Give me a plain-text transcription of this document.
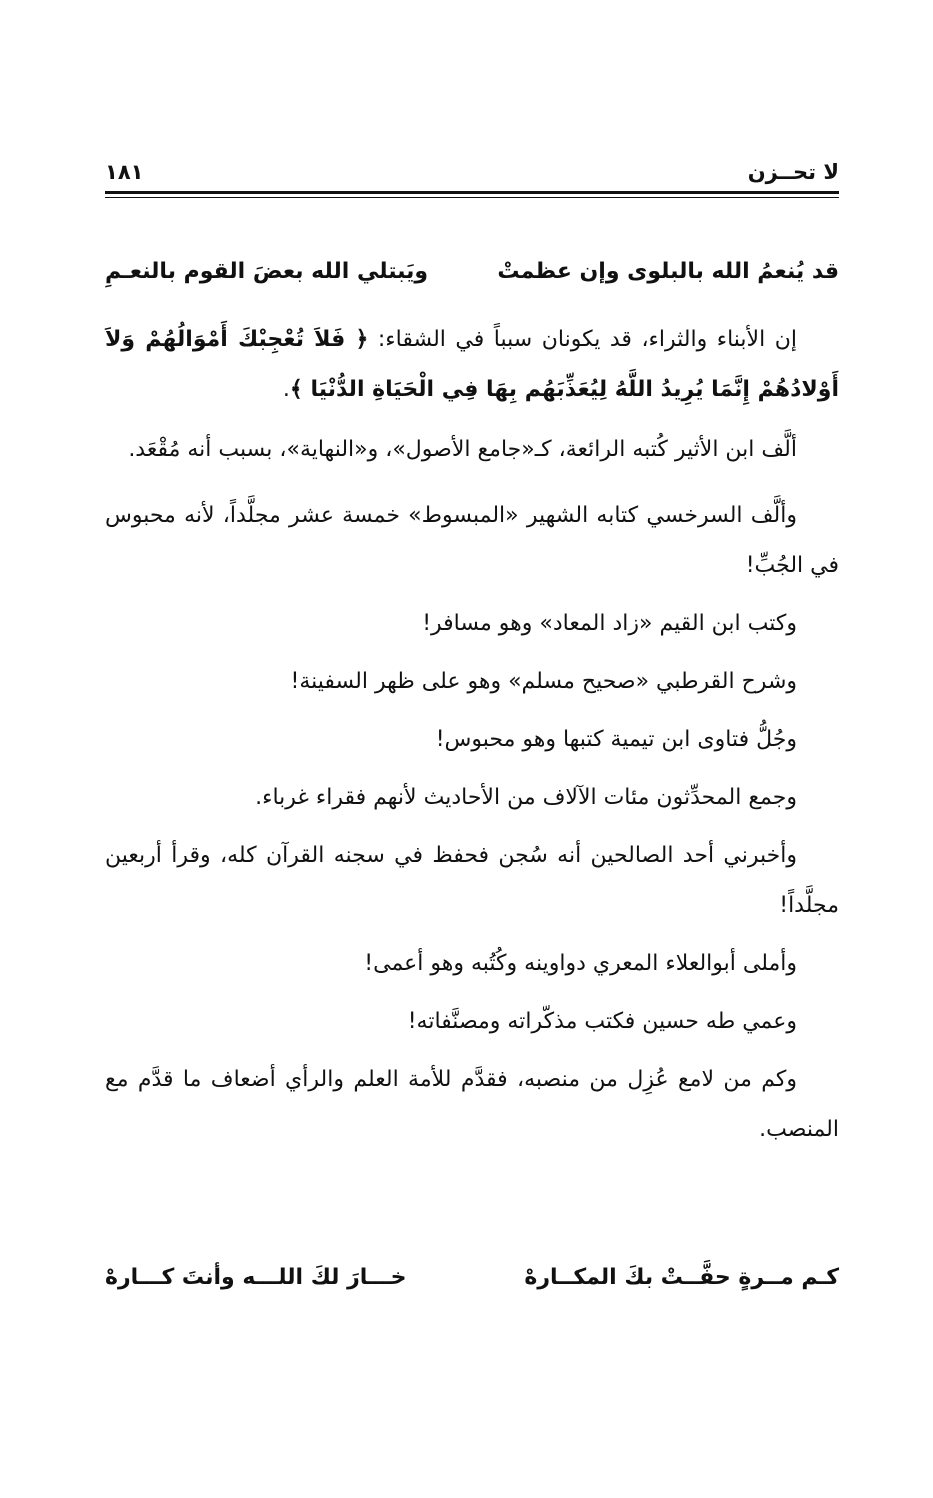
لا تحــزن
١٨١
قد يُنعمُ الله بالبلوى وإن عظمتْ
ويَبتلي الله بعضَ القوم بالنعـمِ

إن الأبناء والثراء، قد يكونان سبباً في الشقاء: ﴿ فَلاَ تُعْجِبْكَ أَمْوَالُهُمْ وَلاَ أَوْلادُهُمْ إِنَّمَا يُرِيدُ اللَّهُ لِيُعَذِّبَهُم بِهَا فِي الْحَيَاةِ الدُّنْيَا ﴾.

ألَّف ابن الأثير كُتبه الرائعة، كـ«جامع الأصول»، و«النهاية»، بسبب أنه مُقْعَد.

وألَّف السرخسي كتابه الشهير «المبسوط» خمسة عشر مجلَّداً، لأنه محبوس في الجُبِّ!

وكتب ابن القيم «زاد المعاد» وهو مسافر!

وشرح القرطبي «صحيح مسلم» وهو على ظهر السفينة!

وجُلُّ فتاوى ابن تيمية كتبها وهو محبوس!

وجمع المحدِّثون مئات الآلاف من الأحاديث لأنهم فقراء غرباء.

وأخبرني أحد الصالحين أنه سُجن فحفظ في سجنه القرآن كله، وقرأ أربعين مجلَّداً!

وأملى أبوالعلاء المعري دواوينه وكُتُبه وهو أعمى!

وعمي طه حسين فكتب مذكّراته ومصنَّفاته!

وكم من لامع عُزِل من منصبه، فقدَّم للأمة العلم والرأي أضعاف ما قدَّم مع المنصب.

كـم مــرةٍ حفَّــتْ بكَ المكــارهْ
خـــارَ لكَ اللـــه وأنتَ كـــارهْ
